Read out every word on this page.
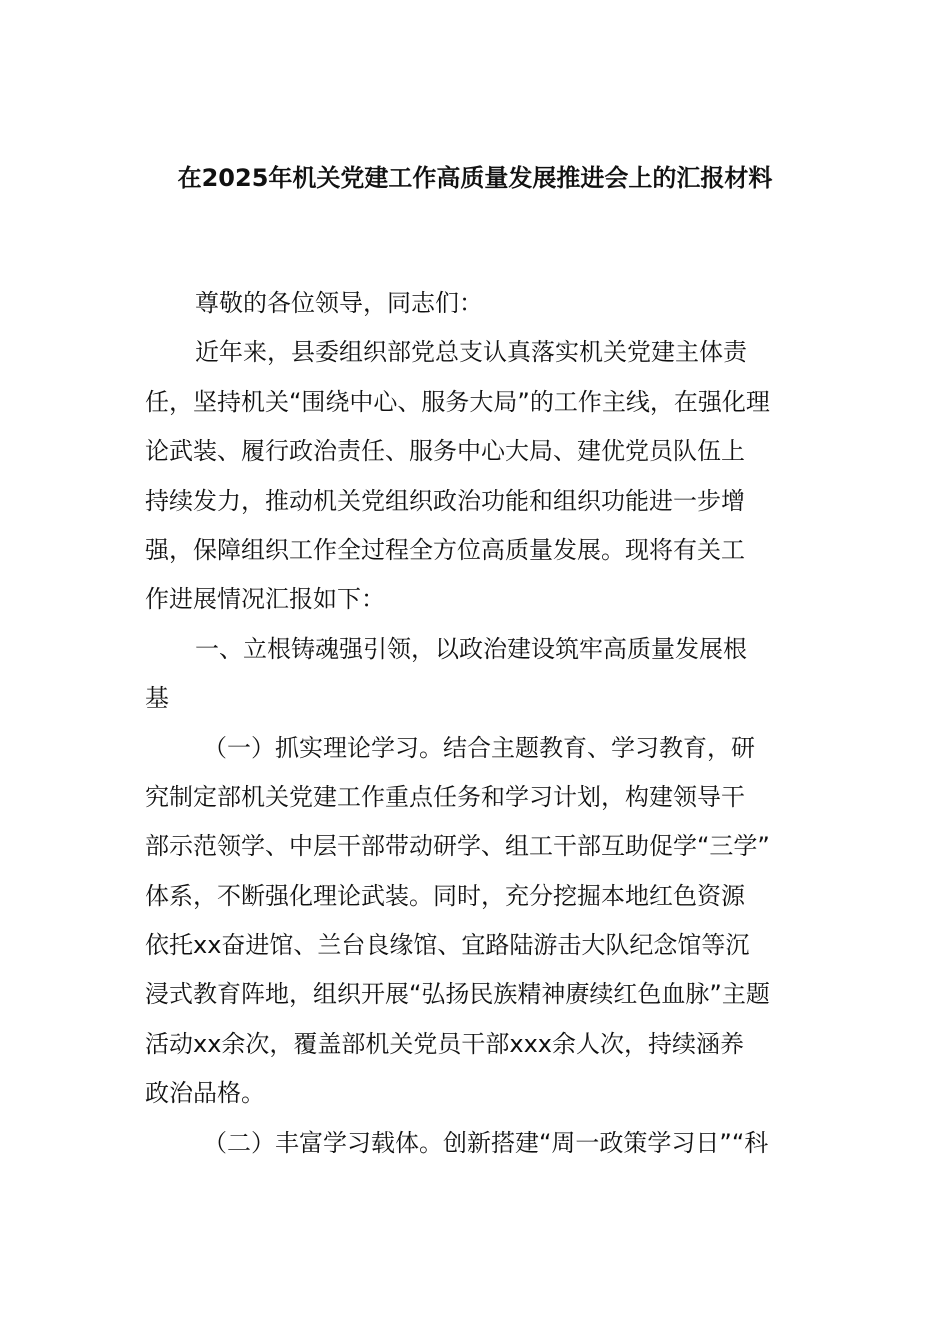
在2025年机关党建工作高质量发展推进会上的汇报材料
尊敬的各位领导，同志们：
近年来，县委组织部党总支认真落实机关党建主体责
任，坚持机关“围绕中心、服务大局”的工作主线，在强化理
论武装、履行政治责任、服务中心大局、建优党员队伍上
持续发力，推动机关党组织政治功能和组织功能进一步增
强，保障组织工作全过程全方位高质量发展。现将有关工
作进展情况汇报如下：
一、立根铸魂强引领，以政治建设筑牢高质量发展根
基
（一）抓实理论学习。结合主题教育、学习教育，研
究制定部机关党建工作重点任务和学习计划，构建领导干
部示范领学、中层干部带动研学、组工干部互助促学“三学”
体系，不断强化理论武装。同时，充分挖掘本地红色资源
依托xx奋进馆、兰台良缘馆、宜路陆游击大队纪念馆等沉
浸式教育阵地，组织开展“弘扬民族精神赓续红色血脉”主题
活动xx余次，覆盖部机关党员干部xxx余人次，持续涵养
政治品格。
（二）丰富学习载体。创新搭建“周一政策学习日”“科
